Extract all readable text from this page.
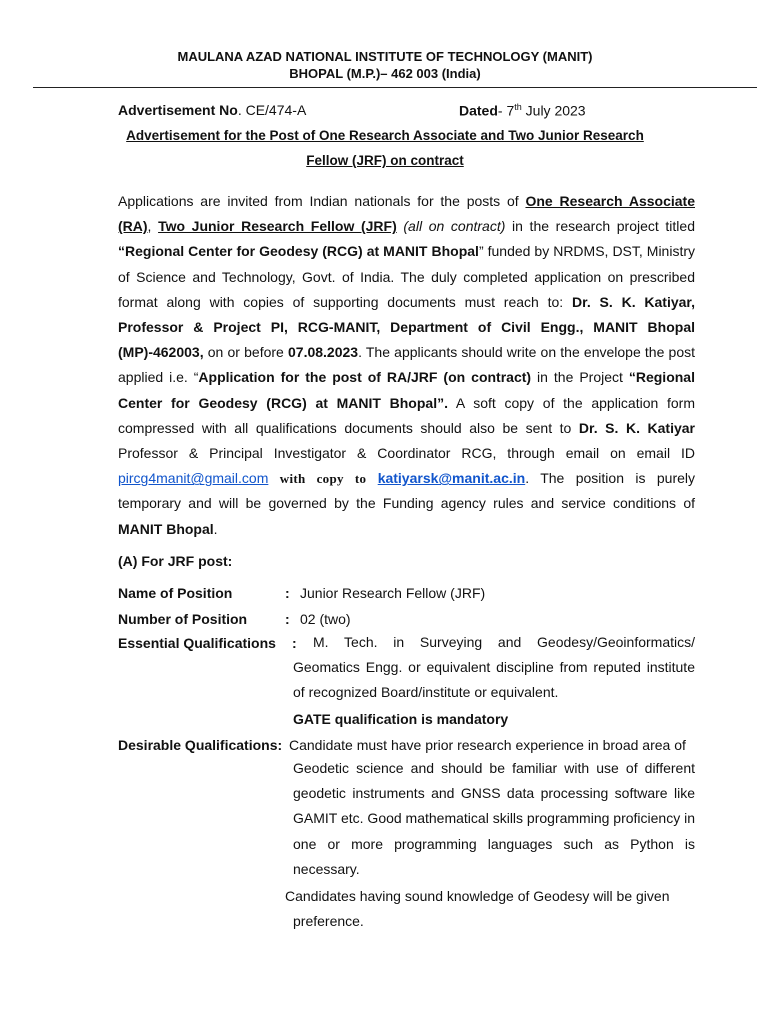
MAULANA AZAD NATIONAL INSTITUTE OF TECHNOLOGY (MANIT)
BHOPAL (M.P.)– 462 003 (India)
Advertisement No. CE/474-A	Dated- 7th July 2023
Advertisement for the Post of One Research Associate and Two Junior Research
Fellow (JRF) on contract

Applications are invited from Indian nationals for the posts of One Research Associate (RA), Two Junior Research Fellow (JRF) (all on contract) in the research project titled “Regional Center for Geodesy (RCG) at MANIT Bhopal” funded by NRDMS, DST, Ministry of Science and Technology, Govt. of India. The duly completed application on prescribed format along with copies of supporting documents must reach to: Dr. S. K. Katiyar, Professor & Project PI, RCG-MANIT, Department of Civil Engg., MANIT Bhopal (MP)-462003, on or before 07.08.2023. The applicants should write on the envelope the post applied i.e. “Application for the post of RA/JRF (on contract) in the Project “Regional Center for Geodesy (RCG) at MANIT Bhopal”. A soft copy of the application form compressed with all qualifications documents should also be sent to Dr. S. K. Katiyar Professor & Principal Investigator & Coordinator RCG, through email on email ID pircg4manit@gmail.com with copy to katiyarsk@manit.ac.in. The position is purely temporary and will be governed by the Funding agency rules and service conditions of MANIT Bhopal.

(A) For JRF post:
Name of Position	: Junior Research Fellow (JRF)
Number of Position	: 02 (two)
Essential Qualifications :	M. Tech. in Surveying and Geodesy/Geoinformatics/ Geomatics Engg. or equivalent discipline from reputed institute of recognized Board/institute or equivalent.

GATE qualification is mandatory
Desirable Qualifications: Candidate must have prior research experience in broad area of

Geodetic science and should be familiar with use of different geodetic instruments and GNSS data processing software like GAMIT etc. Good mathematical skills programming proficiency in one or more programming languages such as Python is necessary.

Candidates having sound knowledge of Geodesy will be given
preference.
